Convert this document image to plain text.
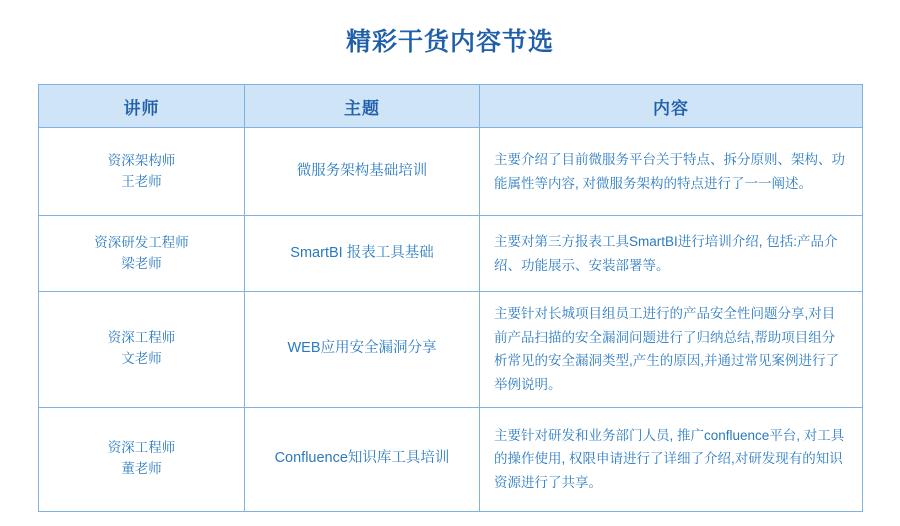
精彩干货内容节选
讲师	主题	内容

资深架构师
王老师	微服务架构基础培训	主要介绍了目前微服务平台关于特点、拆分原则、架构、功能属性等内容, 对微服务架构的特点进行了一一阐述。

资深研发工程师
梁老师	SmartBI 报表工具基础	主要对第三方报表工具SmartBI进行培训介绍, 包括:产品介绍、功能展示、安装部署等。

资深工程师
文老师	WEB应用安全漏洞分享	主要针对长城项目组员工进行的产品安全性问题分享,对目前产品扫描的安全漏洞问题进行了归纳总结,帮助项目组分析常见的安全漏洞类型,产生的原因,并通过常见案例进行了举例说明。

资深工程师
董老师	Confluence知识库工具培训	主要针对研发和业务部门人员, 推广confluence平台, 对工具的操作使用, 权限申请进行了详细了介绍,对研发现有的知识资源进行了共享。
